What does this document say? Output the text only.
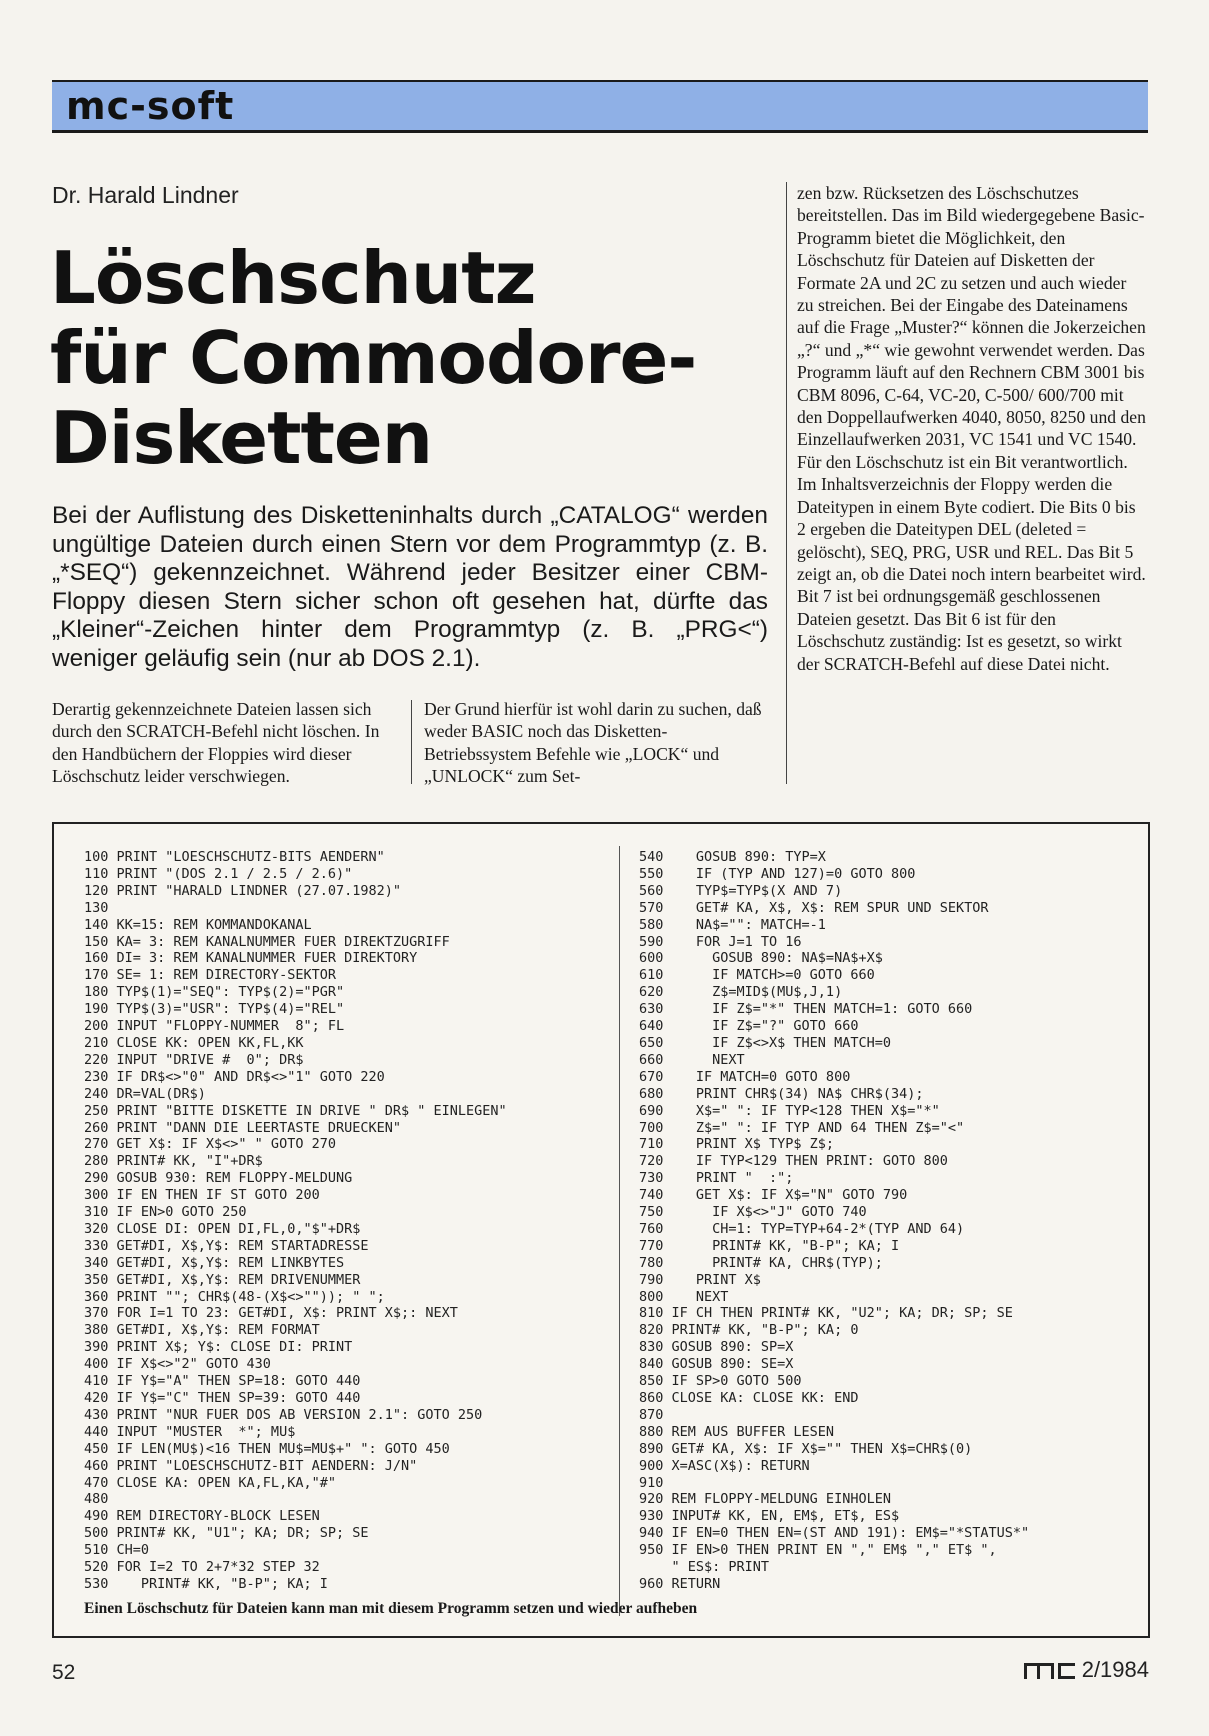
mc-soft
Dr. Harald Lindner
Löschschutz
für Commodore-
Disketten
Bei der Auflistung des Disketteninhalts durch „CATALOG“ werden ungültige Dateien durch einen Stern vor dem Programmtyp (z. B. „*SEQ“) gekennzeichnet. Während jeder Besitzer einer CBM-Floppy diesen Stern sicher schon oft gesehen hat, dürfte das „Kleiner“-Zeichen hinter dem Programmtyp (z. B. „PRG<“) weniger geläufig sein (nur ab DOS 2.1).
Derartig gekennzeichnete Dateien lassen sich durch den SCRATCH-Befehl nicht löschen. In den Handbüchern der Floppies wird dieser Löschschutz leider verschwiegen.
Der Grund hierfür ist wohl darin zu suchen, daß weder BASIC noch das Disketten-Betriebssystem Befehle wie „LOCK“ und „UNLOCK“ zum Set-
zen bzw. Rücksetzen des Löschschutzes bereitstellen. Das im Bild wiedergegebene Basic-Programm bietet die Möglichkeit, den Löschschutz für Dateien auf Disketten der Formate 2A und 2C zu setzen und auch wieder zu streichen. Bei der Eingabe des Dateinamens auf die Frage „Muster?“ können die Jokerzeichen „?“ und „*“ wie gewohnt verwendet werden. Das Programm läuft auf den Rechnern CBM 3001 bis CBM 8096, C-64, VC-20, C-500/ 600/700 mit den Doppellaufwerken 4040, 8050, 8250 und den Einzellaufwerken 2031, VC 1541 und VC 1540. Für den Löschschutz ist ein Bit verantwortlich. Im Inhaltsverzeichnis der Floppy werden die Dateitypen in einem Byte codiert. Die Bits 0 bis 2 ergeben die Dateitypen DEL (deleted = gelöscht), SEQ, PRG, USR und REL. Das Bit 5 zeigt an, ob die Datei noch intern bearbeitet wird. Bit 7 ist bei ordnungsgemäß geschlossenen Dateien gesetzt. Das Bit 6 ist für den Löschschutz zuständig: Ist es gesetzt, so wirkt der SCRATCH-Befehl auf diese Datei nicht.
100 PRINT "LOESCHSCHUTZ-BITS AENDERN"
110 PRINT "(DOS 2.1 / 2.5 / 2.6)"
120 PRINT "HARALD LINDNER (27.07.1982)"
130
140 KK=15: REM KOMMANDOKANAL
150 KA= 3: REM KANALNUMMER FUER DIREKTZUGRIFF
160 DI= 3: REM KANALNUMMER FUER DIREKTORY
170 SE= 1: REM DIRECTORY-SEKTOR
180 TYP$(1)="SEQ": TYP$(2)="PGR"
190 TYP$(3)="USR": TYP$(4)="REL"
200 INPUT "FLOPPY-NUMMER  8"; FL
210 CLOSE KK: OPEN KK,FL,KK
220 INPUT "DRIVE #  0"; DR$
230 IF DR$<>"0" AND DR$<>"1" GOTO 220
240 DR=VAL(DR$)
250 PRINT "BITTE DISKETTE IN DRIVE " DR$ " EINLEGEN"
260 PRINT "DANN DIE LEERTASTE DRUECKEN"
270 GET X$: IF X$<>" " GOTO 270
280 PRINT# KK, "I"+DR$
290 GOSUB 930: REM FLOPPY-MELDUNG
300 IF EN THEN IF ST GOTO 200
310 IF EN>0 GOTO 250
320 CLOSE DI: OPEN DI,FL,0,"$"+DR$
330 GET#DI, X$,Y$: REM STARTADRESSE
340 GET#DI, X$,Y$: REM LINKBYTES
350 GET#DI, X$,Y$: REM DRIVENUMMER
360 PRINT ""; CHR$(48-(X$<>"")); " ";
370 FOR I=1 TO 23: GET#DI, X$: PRINT X$;: NEXT
380 GET#DI, X$,Y$: REM FORMAT
390 PRINT X$; Y$: CLOSE DI: PRINT
400 IF X$<>"2" GOTO 430
410 IF Y$="A" THEN SP=18: GOTO 440
420 IF Y$="C" THEN SP=39: GOTO 440
430 PRINT "NUR FUER DOS AB VERSION 2.1": GOTO 250
440 INPUT "MUSTER  *"; MU$
450 IF LEN(MU$)<16 THEN MU$=MU$+" ": GOTO 450
460 PRINT "LOESCHSCHUTZ-BIT AENDERN: J/N"
470 CLOSE KA: OPEN KA,FL,KA,"#"
480
490 REM DIRECTORY-BLOCK LESEN
500 PRINT# KK, "U1"; KA; DR; SP; SE
510 CH=0
520 FOR I=2 TO 2+7*32 STEP 32
530    PRINT# KK, "B-P"; KA; I
540    GOSUB 890: TYP=X
550    IF (TYP AND 127)=0 GOTO 800
560    TYP$=TYP$(X AND 7)
570    GET# KA, X$, X$: REM SPUR UND SEKTOR
580    NA$="": MATCH=-1
590    FOR J=1 TO 16
600      GOSUB 890: NA$=NA$+X$
610      IF MATCH>=0 GOTO 660
620      Z$=MID$(MU$,J,1)
630      IF Z$="*" THEN MATCH=1: GOTO 660
640      IF Z$="?" GOTO 660
650      IF Z$<>X$ THEN MATCH=0
660      NEXT
670    IF MATCH=0 GOTO 800
680    PRINT CHR$(34) NA$ CHR$(34);
690    X$=" ": IF TYP<128 THEN X$="*"
700    Z$=" ": IF TYP AND 64 THEN Z$="<"
710    PRINT X$ TYP$ Z$;
720    IF TYP<129 THEN PRINT: GOTO 800
730    PRINT "  :";
740    GET X$: IF X$="N" GOTO 790
750      IF X$<>"J" GOTO 740
760      CH=1: TYP=TYP+64-2*(TYP AND 64)
770      PRINT# KK, "B-P"; KA; I
780      PRINT# KA, CHR$(TYP);
790    PRINT X$
800    NEXT
810 IF CH THEN PRINT# KK, "U2"; KA; DR; SP; SE
820 PRINT# KK, "B-P"; KA; 0
830 GOSUB 890: SP=X
840 GOSUB 890: SE=X
850 IF SP>0 GOTO 500
860 CLOSE KA: CLOSE KK: END
870
880 REM AUS BUFFER LESEN
890 GET# KA, X$: IF X$="" THEN X$=CHR$(0)
900 X=ASC(X$): RETURN
910
920 REM FLOPPY-MELDUNG EINHOLEN
930 INPUT# KK, EN, EM$, ET$, ES$
940 IF EN=0 THEN EN=(ST AND 191): EM$="*STATUS*"
950 IF EN>0 THEN PRINT EN "," EM$ "," ET$ ",
" ES$: PRINT
960 RETURN
Einen Löschschutz für Dateien kann man mit diesem Programm setzen und wieder aufheben
52	2/1984
